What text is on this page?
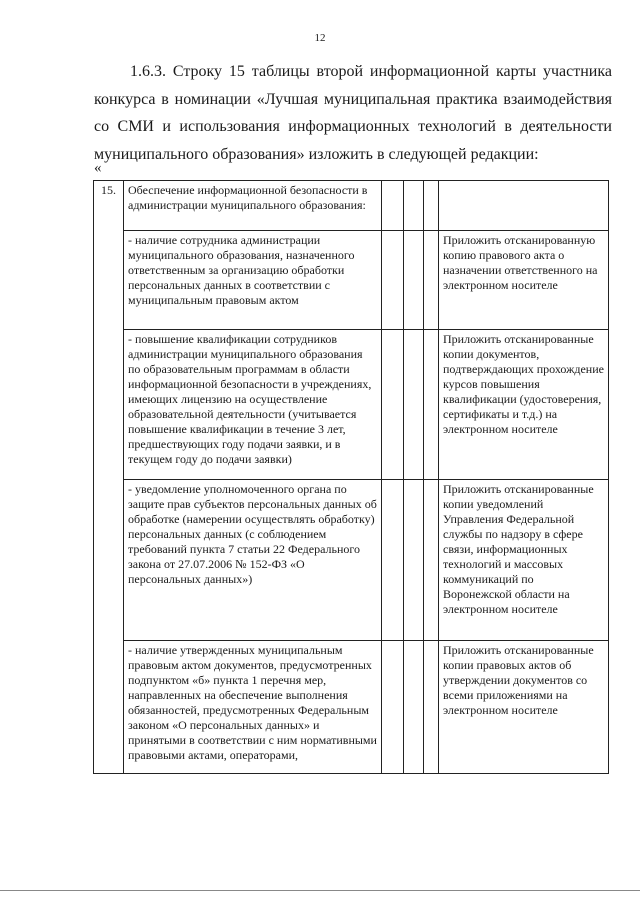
12
1.6.3. Строку 15 таблицы второй информационной карты участника конкурса в номинации «Лучшая муниципальная практика взаимодействия со СМИ и использования информационных технологий в деятельности муниципального образования» изложить в следующей редакции:
«
15.	Обеспечение информационной безопасности в администрации муниципального образования:				
	- наличие сотрудника администрации муниципального образования, назначенного ответственным за организацию обработки персональных данных в соответствии с муниципальным правовым актом				Приложить отсканированную копию правового акта о назначении ответственного на электронном носителе
	- повышение квалификации сотрудников администрации муниципального образования по образовательным программам в области информационной безопасности в учреждениях, имеющих лицензию на осуществление образовательной деятельности (учитывается повышение квалификации в течение 3 лет, предшествующих году подачи заявки, и в текущем году до подачи заявки)				Приложить отсканированные копии документов, подтверждающих прохождение курсов повышения квалификации (удостоверения, сертификаты и т.д.) на электронном носителе
	- уведомление уполномоченного органа по защите прав субъектов персональных данных об обработке (намерении осуществлять обработку) персональных данных (с соблюдением требований пункта 7 статьи 22 Федерального закона от 27.07.2006 № 152-ФЗ «О персональных данных»)				Приложить отсканированные копии уведомлений Управления Федеральной службы по надзору в сфере связи, информационных технологий и массовых коммуникаций по Воронежской области на электронном носителе
	- наличие утвержденных муниципальным правовым актом документов, предусмотренных подпунктом «б» пункта 1 перечня мер, направленных на обеспечение выполнения обязанностей, предусмотренных Федеральным законом «О персональных данных» и принятыми в соответствии с ним нормативными правовыми актами, операторами,				Приложить отсканированные копии правовых актов об утверждении документов со всеми приложениями на электронном носителе
